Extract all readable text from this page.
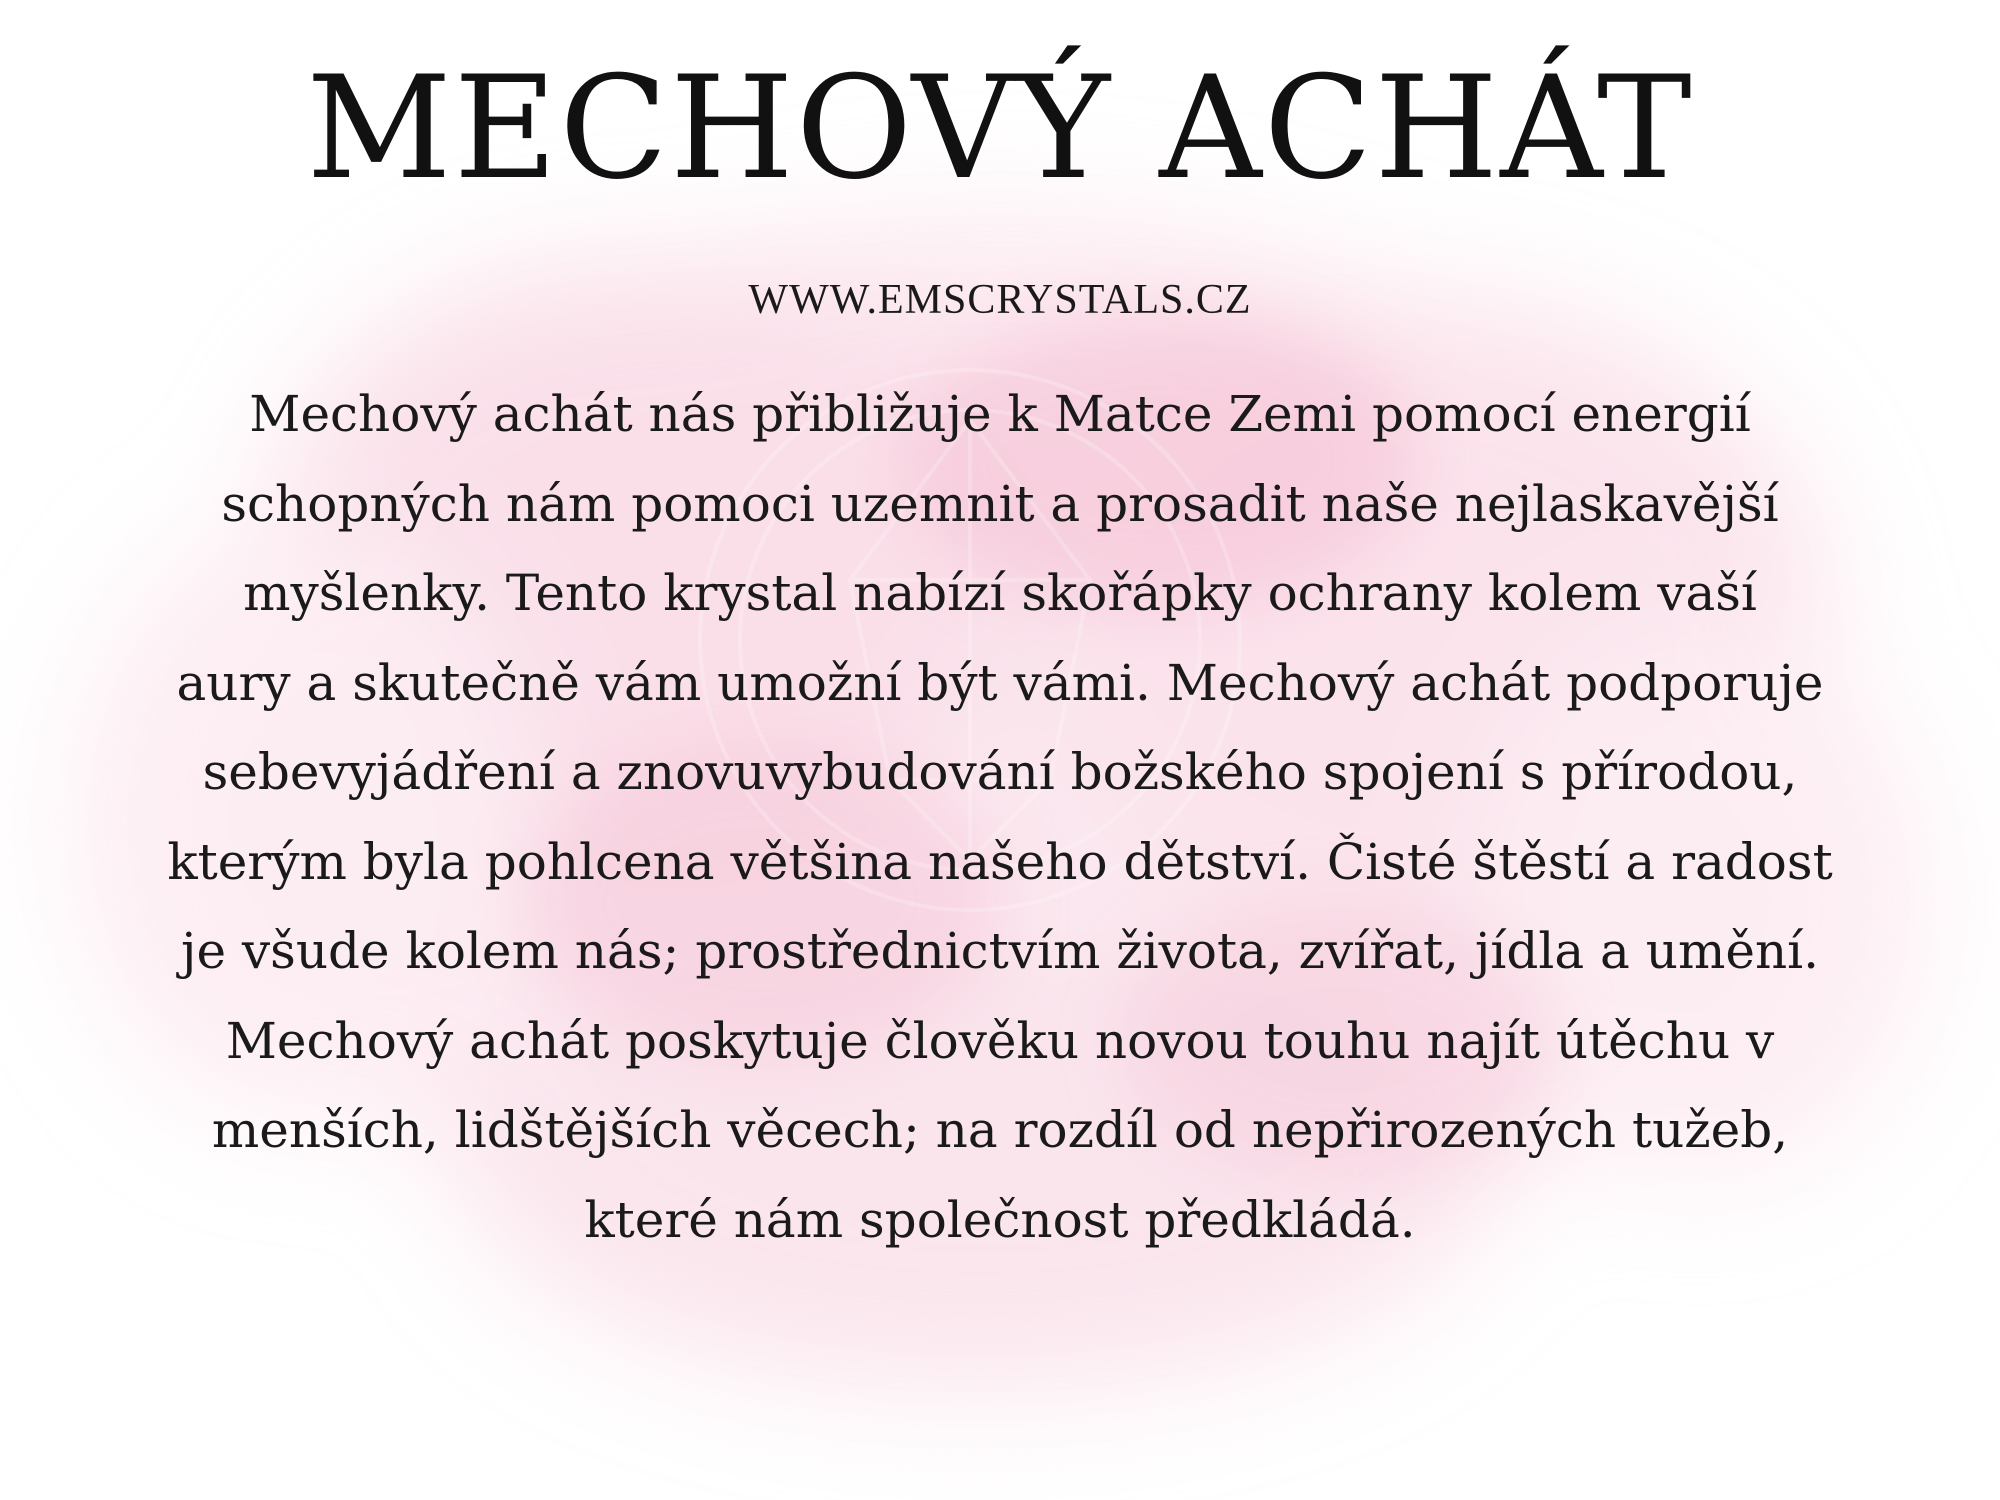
MECHOVÝ ACHÁT
WWW.EMSCRYSTALS.CZ
Mechový achát nás přibližuje k Matce Zemi pomocí energií
schopných nám pomoci uzemnit a prosadit naše nejlaskavější
myšlenky. Tento krystal nabízí skořápky ochrany kolem vaší
aury a skutečně vám umožní být vámi. Mechový achát podporuje
sebevyjádření a znovuvybudování božského spojení s přírodou,
kterým byla pohlcena většina našeho dětství. Čisté štěstí a radost
je všude kolem nás; prostřednictvím života, zvířat, jídla a umění.
Mechový achát poskytuje člověku novou touhu najít útěchu v
menších, lidštějších věcech; na rozdíl od nepřirozených tužeb,
které nám společnost předkládá.
